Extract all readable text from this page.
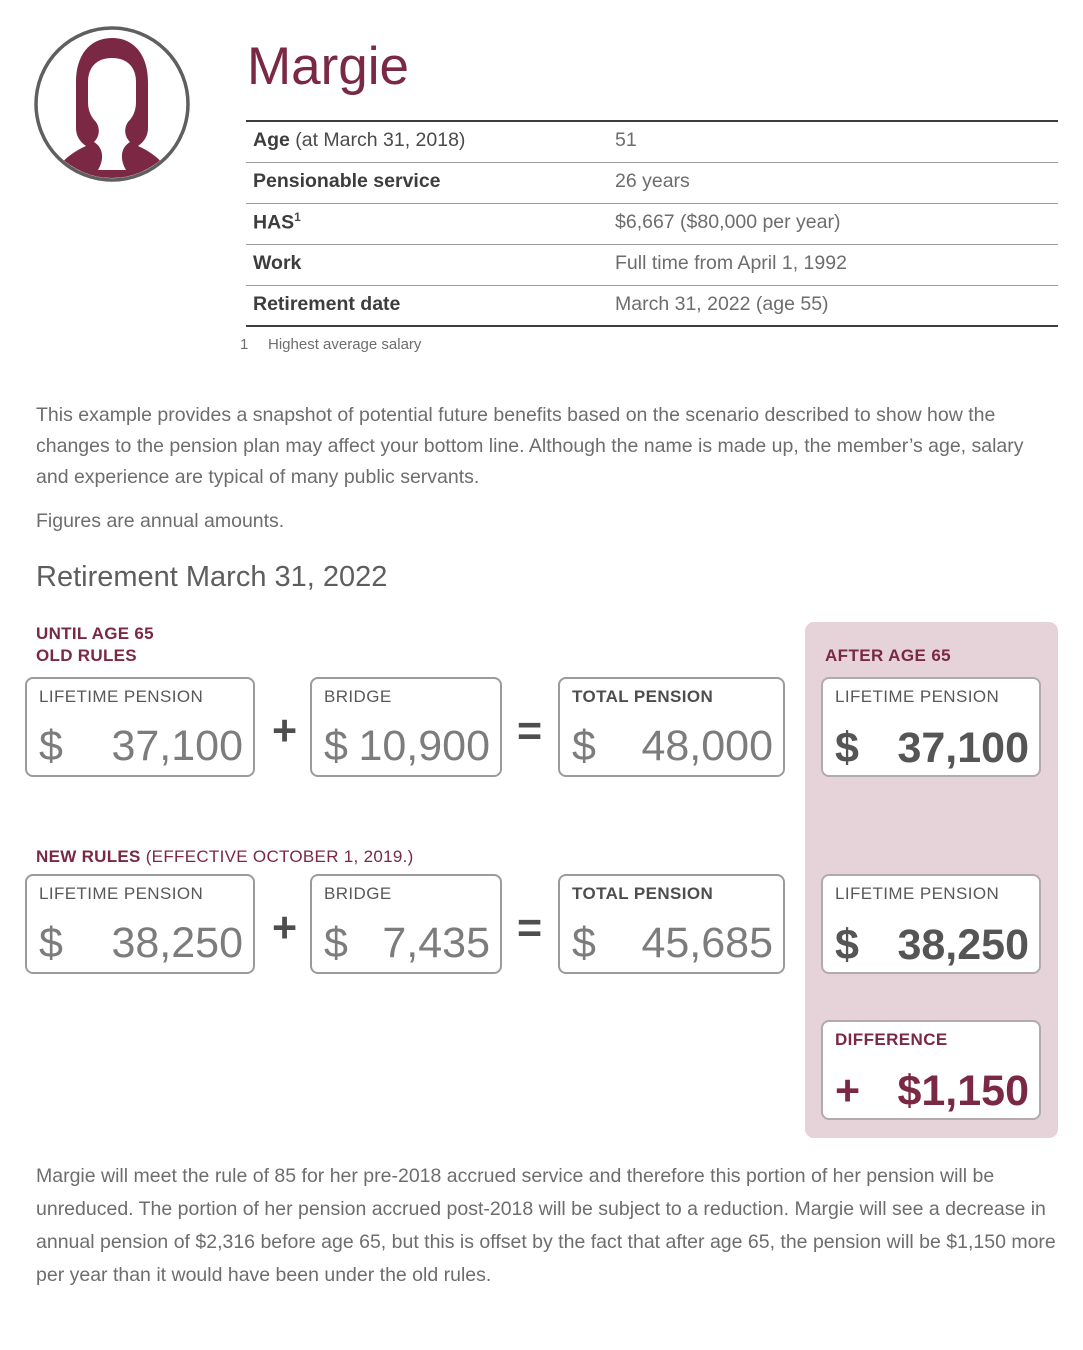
Margie
Age (at March 31, 2018)	51
Pensionable service	26 years
HAS$^1$	$6,667 ($80,000 per year)
Work	Full time from April 1, 1992
Retirement date	March 31, 2022 (age 55)
1 Highest average salary
This example provides a snapshot of potential future benefits based on the scenario described to show how the changes to the pension plan may affect your bottom line. Although the name is made up, the member’s age, salary and experience are typical of many public servants.
Figures are annual amounts.
Retirement March 31, 2022
UNTIL AGE 65
OLD RULES
LIFETIME PENSION
$ 37,100 +
BRIDGE
$ 10,900 =
TOTAL PENSION
$ 48,000
NEW RULES (EFFECTIVE OCTOBER 1, 2019.)
LIFETIME PENSION
$ 38,250 +
BRIDGE
$ 7,435 =
TOTAL PENSION
$ 45,685
AFTER AGE 65
LIFETIME PENSION
$ 37,100
LIFETIME PENSION
$ 38,250
DIFFERENCE
+ $1,150
Margie will meet the rule of 85 for her pre-2018 accrued service and therefore this portion of her pension will be unreduced. The portion of her pension accrued post-2018 will be subject to a reduction. Margie will see a decrease in annual pension of $2,316 before age 65, but this is offset by the fact that after age 65, the pension will be $1,150 more per year than it would have been under the old rules.
